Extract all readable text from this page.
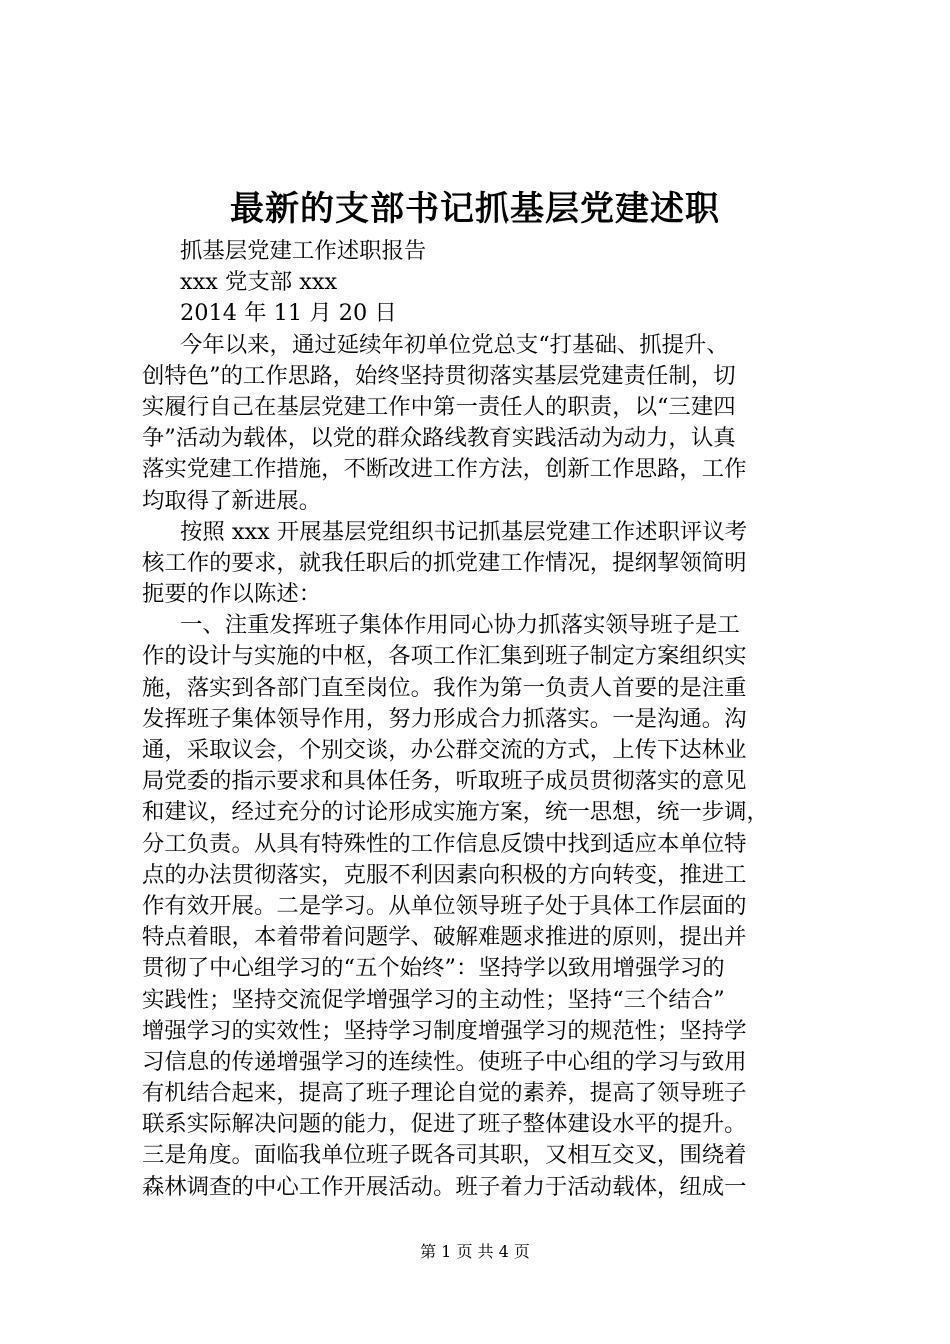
最新的支部书记抓基层党建述职
抓基层党建工作述职报告
xxx 党支部 xxx
2014 年 11 月 20 日
今年以来，通过延续年初单位党总支“打基础、抓提升、
创特色”的工作思路，始终坚持贯彻落实基层党建责任制，切
实履行自己在基层党建工作中第一责任人的职责，以“三建四
争”活动为载体，以党的群众路线教育实践活动为动力，认真
落实党建工作措施，不断改进工作方法，创新工作思路，工作
均取得了新进展。
按照 xxx 开展基层党组织书记抓基层党建工作述职评议考
核工作的要求，就我任职后的抓党建工作情况，提纲挈领简明
扼要的作以陈述：
一、注重发挥班子集体作用同心协力抓落实领导班子是工
作的设计与实施的中枢，各项工作汇集到班子制定方案组织实
施，落实到各部门直至岗位。我作为第一负责人首要的是注重
发挥班子集体领导作用，努力形成合力抓落实。一是沟通。沟
通，采取议会，个别交谈，办公群交流的方式，上传下达林业
局党委的指示要求和具体任务，听取班子成员贯彻落实的意见
和建议，经过充分的讨论形成实施方案，统一思想，统一步调，
分工负责。从具有特殊性的工作信息反馈中找到适应本单位特
点的办法贯彻落实，克服不利因素向积极的方向转变，推进工
作有效开展。二是学习。从单位领导班子处于具体工作层面的
特点着眼，本着带着问题学、破解难题求推进的原则，提出并
贯彻了中心组学习的“五个始终”：坚持学以致用增强学习的
实践性；坚持交流促学增强学习的主动性；坚持“三个结合”
增强学习的实效性；坚持学习制度增强学习的规范性；坚持学
习信息的传递增强学习的连续性。使班子中心组的学习与致用
有机结合起来，提高了班子理论自觉的素养，提高了领导班子
联系实际解决问题的能力，促进了班子整体建设水平的提升。
三是角度。面临我单位班子既各司其职，又相互交叉，围绕着
森林调查的中心工作开展活动。班子着力于活动载体，纽成一
第 1 页 共 4 页
